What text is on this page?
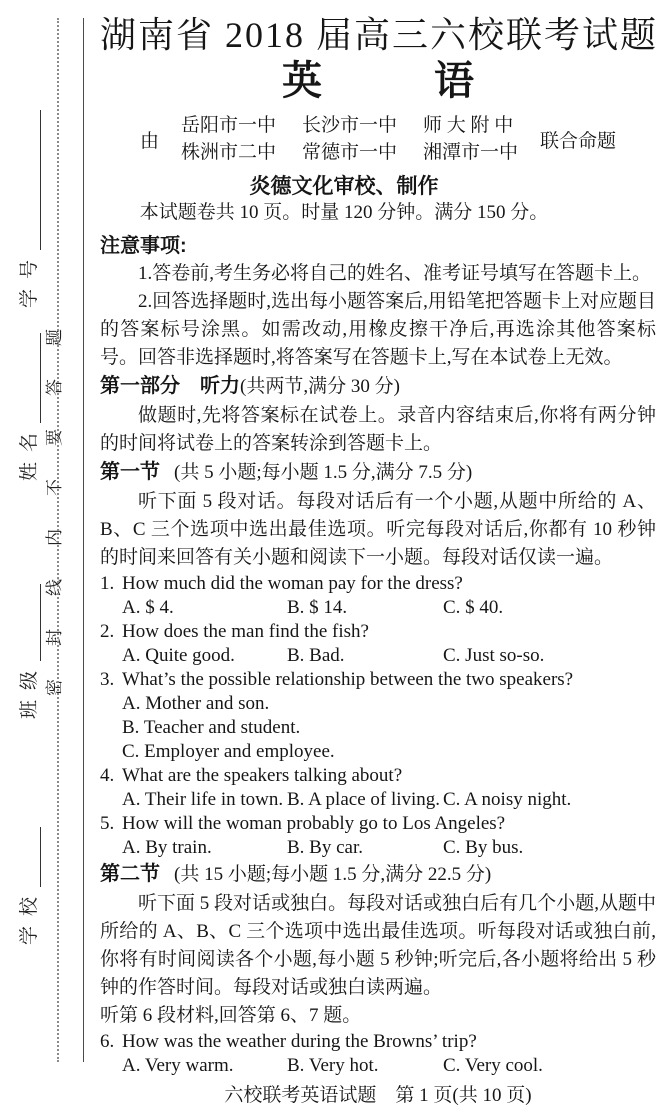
学校
班级
姓名
学号
密封线内不要答题
湖南省 2018 届高三六校联考试题
英	语
由
岳阳市一中 长沙市一中 师 大 附 中
株洲市二中 常德市一中 湘潭市一中
联合命题
炎德文化审校、制作
本试题卷共 10 页。时量 120 分钟。满分 150 分。
注意事项:

1.答卷前,考生务必将自己的姓名、准考证号填写在答题卡上。

2.回答选择题时,选出每小题答案后,用铅笔把答题卡上对应题目的答案标号涂黑。如需改动,用橡皮擦干净后,再选涂其他答案标号。回答非选择题时,将答案写在答题卡上,写在本试卷上无效。

第一部分　听力(共两节,满分 30 分)

做题时,先将答案标在试卷上。录音内容结束后,你将有两分钟的时间将试卷上的答案转涂到答题卡上。

第一节 (共 5 小题;每小题 1.5 分,满分 7.5 分)

听下面 5 段对话。每段对话后有一个小题,从题中所给的 A、B、C 三个选项中选出最佳选项。听完每段对话后,你都有 10 秒钟的时间来回答有关小题和阅读下一小题。每段对话仅读一遍。

1. How much did the woman pay for the dress?
A. $ 4.	B. $ 14.	C. $ 40.
2. How does the man find the fish?
A. Quite good.	B. Bad.	C. Just so-so.
3. What’s the possible relationship between the two speakers?
A. Mother and son.
B. Teacher and student.
C. Employer and employee.
4. What are the speakers talking about?
A. Their life in town. B. A place of living. C. A noisy night.
5. How will the woman probably go to Los Angeles?
A. By train.	B. By car.	C. By bus.
第二节 (共 15 小题;每小题 1.5 分,满分 22.5 分)

听下面 5 段对话或独白。每段对话或独白后有几个小题,从题中所给的 A、B、C 三个选项中选出最佳选项。听每段对话或独白前,你将有时间阅读各个小题,每小题 5 秒钟;听完后,各小题将给出 5 秒钟的作答时间。每段对话或独白读两遍。

听第 6 段材料,回答第 6、7 题。

6. How was the weather during the Browns’ trip?
A. Very warm.	B. Very hot.	C. Very cool.
六校联考英语试题　第 1 页(共 10 页)
